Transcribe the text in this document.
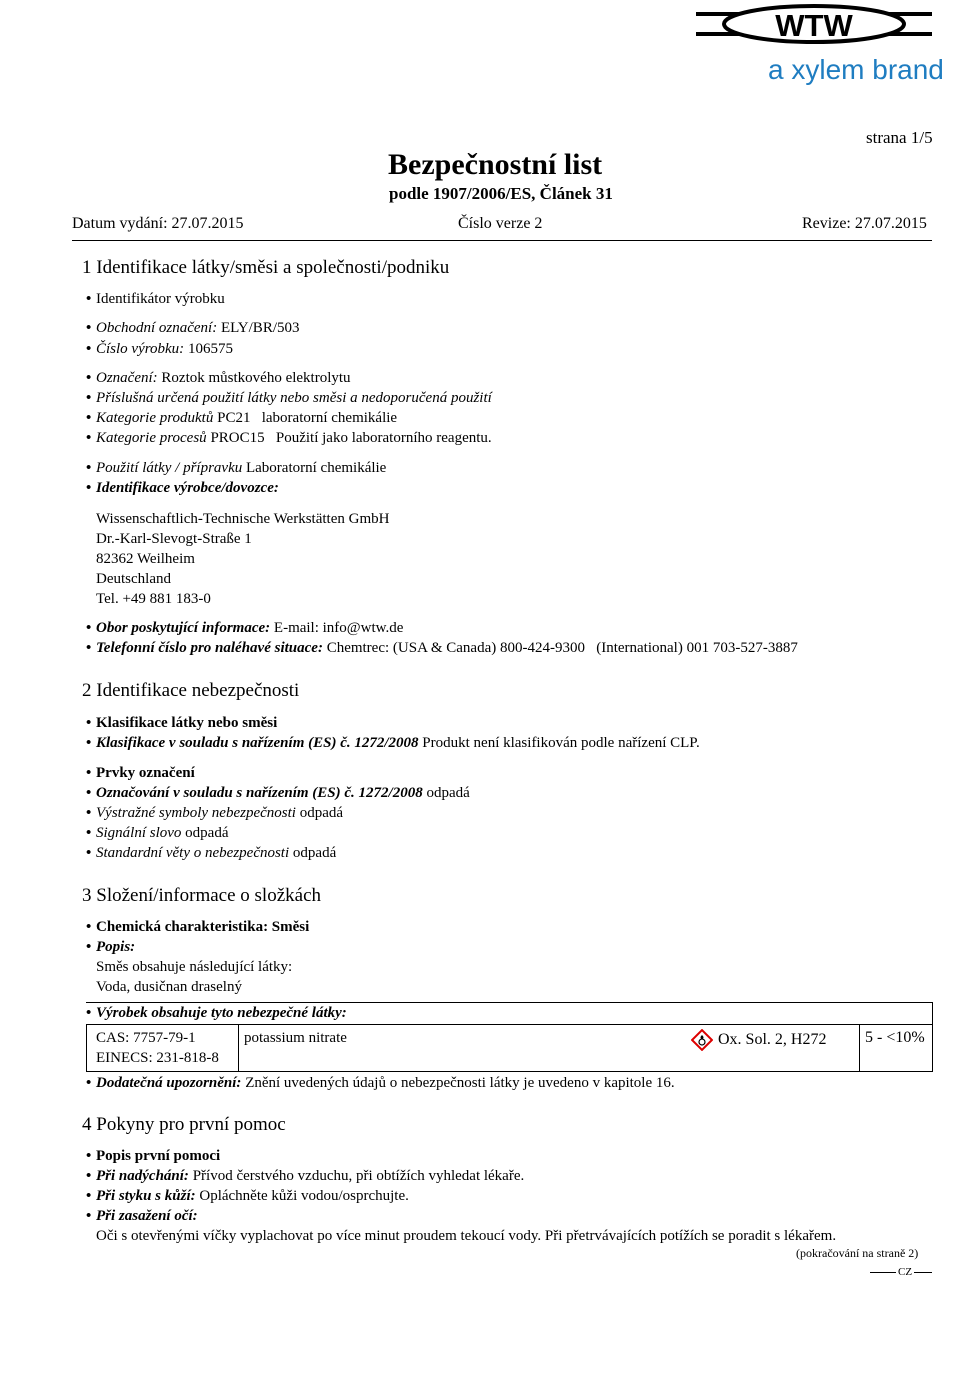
WTW
a xylem brand
strana 1/5
Bezpečnostní list
podle 1907/2006/ES, Článek 31
Datum vydání: 27.07.2015	Číslo verze 2	Revize: 27.07.2015
1 Identifikace látky/směsi a společnosti/podniku
• Identifikátor výrobku
• Obchodní označení: ELY/BR/503
• Číslo výrobku: 106575
• Označení: Roztok můstkového elektrolytu
• Příslušná určená použití látky nebo směsi a nedoporučená použití
• Kategorie produktů PC21 laboratorní chemikálie
• Kategorie procesů PROC15 Použití jako laboratorního reagentu.
• Použití látky / přípravku Laboratorní chemikálie
• Identifikace výrobce/dovozce:
Wissenschaftlich-Technische Werkstätten GmbH
Dr.-Karl-Slevogt-Straße 1
82362 Weilheim
Deutschland
Tel. +49 881 183-0
• Obor poskytující informace: E-mail: info@wtw.de
• Telefonní číslo pro naléhavé situace: Chemtrec: (USA & Canada) 800-424-9300   (International) 001 703-527-3887
2 Identifikace nebezpečnosti
• Klasifikace látky nebo směsi
• Klasifikace v souladu s nařízením (ES) č. 1272/2008 Produkt není klasifikován podle nařízení CLP.
• Prvky označení
• Označování v souladu s nařízením (ES) č. 1272/2008 odpadá
• Výstražné symboly nebezpečnosti odpadá
• Signální slovo odpadá
• Standardní věty o nebezpečnosti odpadá
3 Složení/informace o složkách
• Chemická charakteristika: Směsi
• Popis:
Směs obsahuje následující látky:
Voda, dusičnan draselný
• Výrobek obsahuje tyto nebezpečné látky:
CAS: 7757-79-1
EINECS: 231-818-8
potassium nitrate	Ox. Sol. 2, H272 5 - <10%
• Dodatečná upozornění: Znění uvedených údajů o nebezpečnosti látky je uvedeno v kapitole 16.
4 Pokyny pro první pomoc
• Popis první pomoci
• Při nadýchání: Přívod čerstvého vzduchu, při obtížích vyhledat lékaře.
• Při styku s kůží: Opláchněte kůži vodou/osprchujte.
• Při zasažení očí:
Oči s otevřenými víčky vyplachovat po více minut proudem tekoucí vody. Při přetrvávajících potížích se poradit s lékařem.
(pokračování na straně 2)
CZ
